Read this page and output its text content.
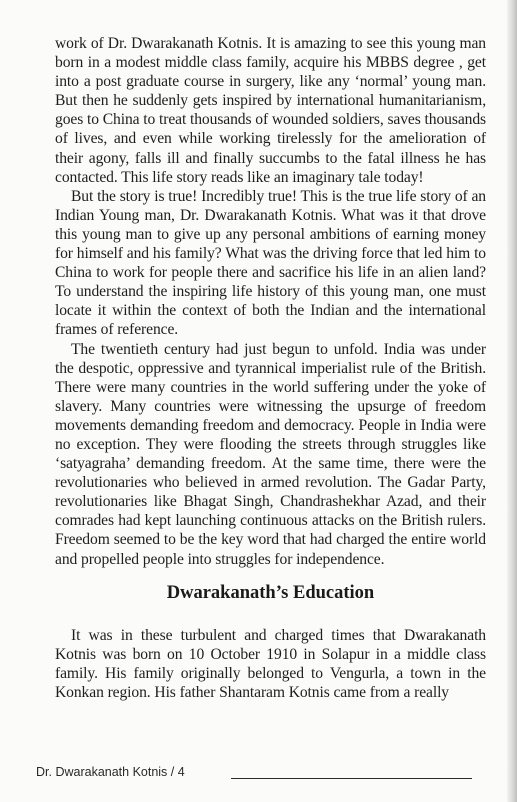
work of Dr. Dwarakanath Kotnis. It is amazing to see this young man born in a modest middle class family, acquire his MBBS degree , get into a post graduate course in surgery, like any ‘normal’ young man. But then he suddenly gets inspired by international humanitarianism, goes to China to treat thousands of wounded soldiers, saves thousands of lives, and even while working tirelessly for the amelioration of their agony, falls ill and finally succumbs to the fatal illness he has contacted. This life story reads like an imaginary tale today!

But the story is true! Incredibly true! This is the true life story of an Indian Young man, Dr. Dwarakanath Kotnis. What was it that drove this young man to give up any personal ambitions of earning money for himself and his family? What was the driving force that led him to China to work for people there and sacrifice his life in an alien land? To understand the inspiring life history of this young man, one must locate it within the context of both the Indian and the international frames of reference.

The twentieth century had just begun to unfold. India was under the despotic, oppressive and tyrannical imperialist rule of the British. There were many countries in the world suffering under the yoke of slavery. Many countries were witnessing the upsurge of freedom movements demanding freedom and democracy. People in India were no exception. They were flooding the streets through struggles like ‘satyagraha’ demanding freedom. At the same time, there were the revolutionaries who believed in armed revolution. The Gadar Party, revolutionaries like Bhagat Singh, Chandrashekhar Azad, and their comrades had kept launching continuous attacks on the British rulers. Freedom seemed to be the key word that had charged the entire world and propelled people into struggles for independence.

Dwarakanath’s Education

It was in these turbulent and charged times that Dwarakanath Kotnis was born on 10 October 1910 in Solapur in a middle class family. His family originally belonged to Vengurla, a town in the Konkan region. His father Shantaram Kotnis came from a really

Dr. Dwarakanath Kotnis / 4
